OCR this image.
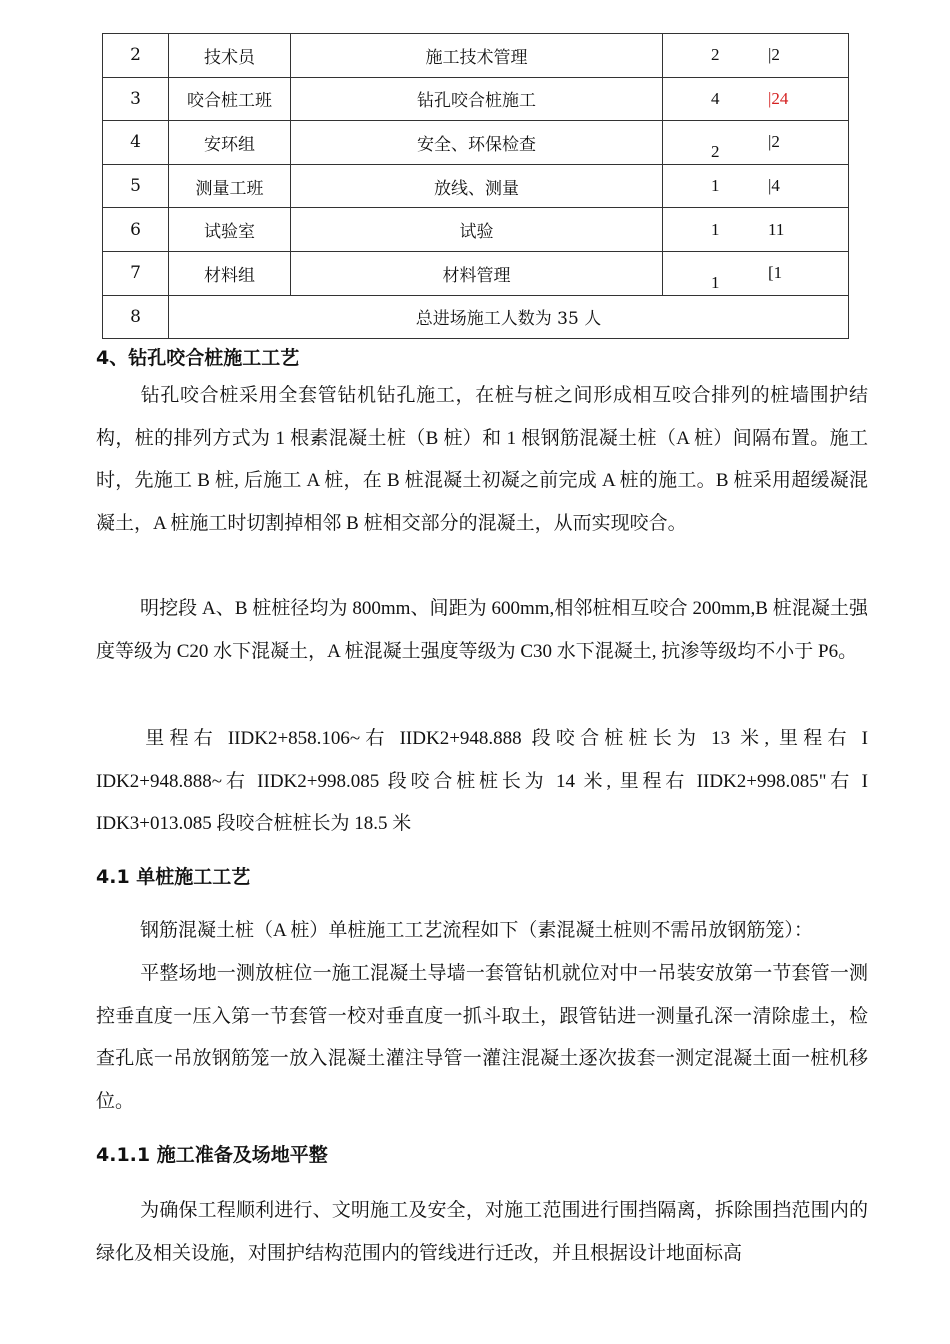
2	技术员	施工技术管理	2 |2

3	咬合桩工班	钻孔咬合桩施工	4 |24

4	安环组	安全、环保检查	2 |2

5	测量工班	放线、测量	1 |4

6	试验室	试验	1 11

7	材料组	材料管理	1 [1

8	总进场施工人数为 35 人		
4、钻孔咬合桩施工工艺
钻孔咬合桩采用全套管钻机钻孔施工，在桩与桩之间形成相互咬合排列的桩墙围护结构，桩的排列方式为 1 根素混凝土桩（B 桩）和 1 根钢筋混凝土桩（A 桩）间隔布置。施工时，先施工 B 桩, 后施工 A 桩，在 B 桩混凝土初凝之前完成 A 桩的施工。B 桩采用超缓凝混凝土，A 桩施工时切割掉相邻 B 桩相交部分的混凝土，从而实现咬合。
明挖段 A、B 桩桩径均为 800mm、间距为 600mm,相邻桩相互咬合 200mm,B 桩混凝土强度等级为 C20 水下混凝土，A 桩混凝土强度等级为 C30 水下混凝土, 抗渗等级均不小于 P6。
里程右 IIDK2+858.106~右 IIDK2+948.888 段咬合桩桩长为 13 米, 里程右 I IDK2+948.888~右 IIDK2+998.085 段咬合桩桩长为 14 米, 里程右 IIDK2+998.085"右 I IDK3+013.085 段咬合桩桩长为 18.5 米
4.1 单桩施工工艺
钢筋混凝土桩（A 桩）单桩施工工艺流程如下（素混凝土桩则不需吊放钢筋笼）：
平整场地一测放桩位一施工混凝土导墙一套管钻机就位对中一吊装安放第一节套管一测控垂直度一压入第一节套管一校对垂直度一抓斗取土，跟管钻进一测量孔深一清除虚土，检查孔底一吊放钢筋笼一放入混凝土灌注导管一灌注混凝土逐次拔套一测定混凝土面一桩机移位。
4.1.1 施工准备及场地平整
为确保工程顺利进行、文明施工及安全，对施工范围进行围挡隔离，拆除围挡范围内的绿化及相关设施，对围护结构范围内的管线进行迁改，并且根据设计地面标高
